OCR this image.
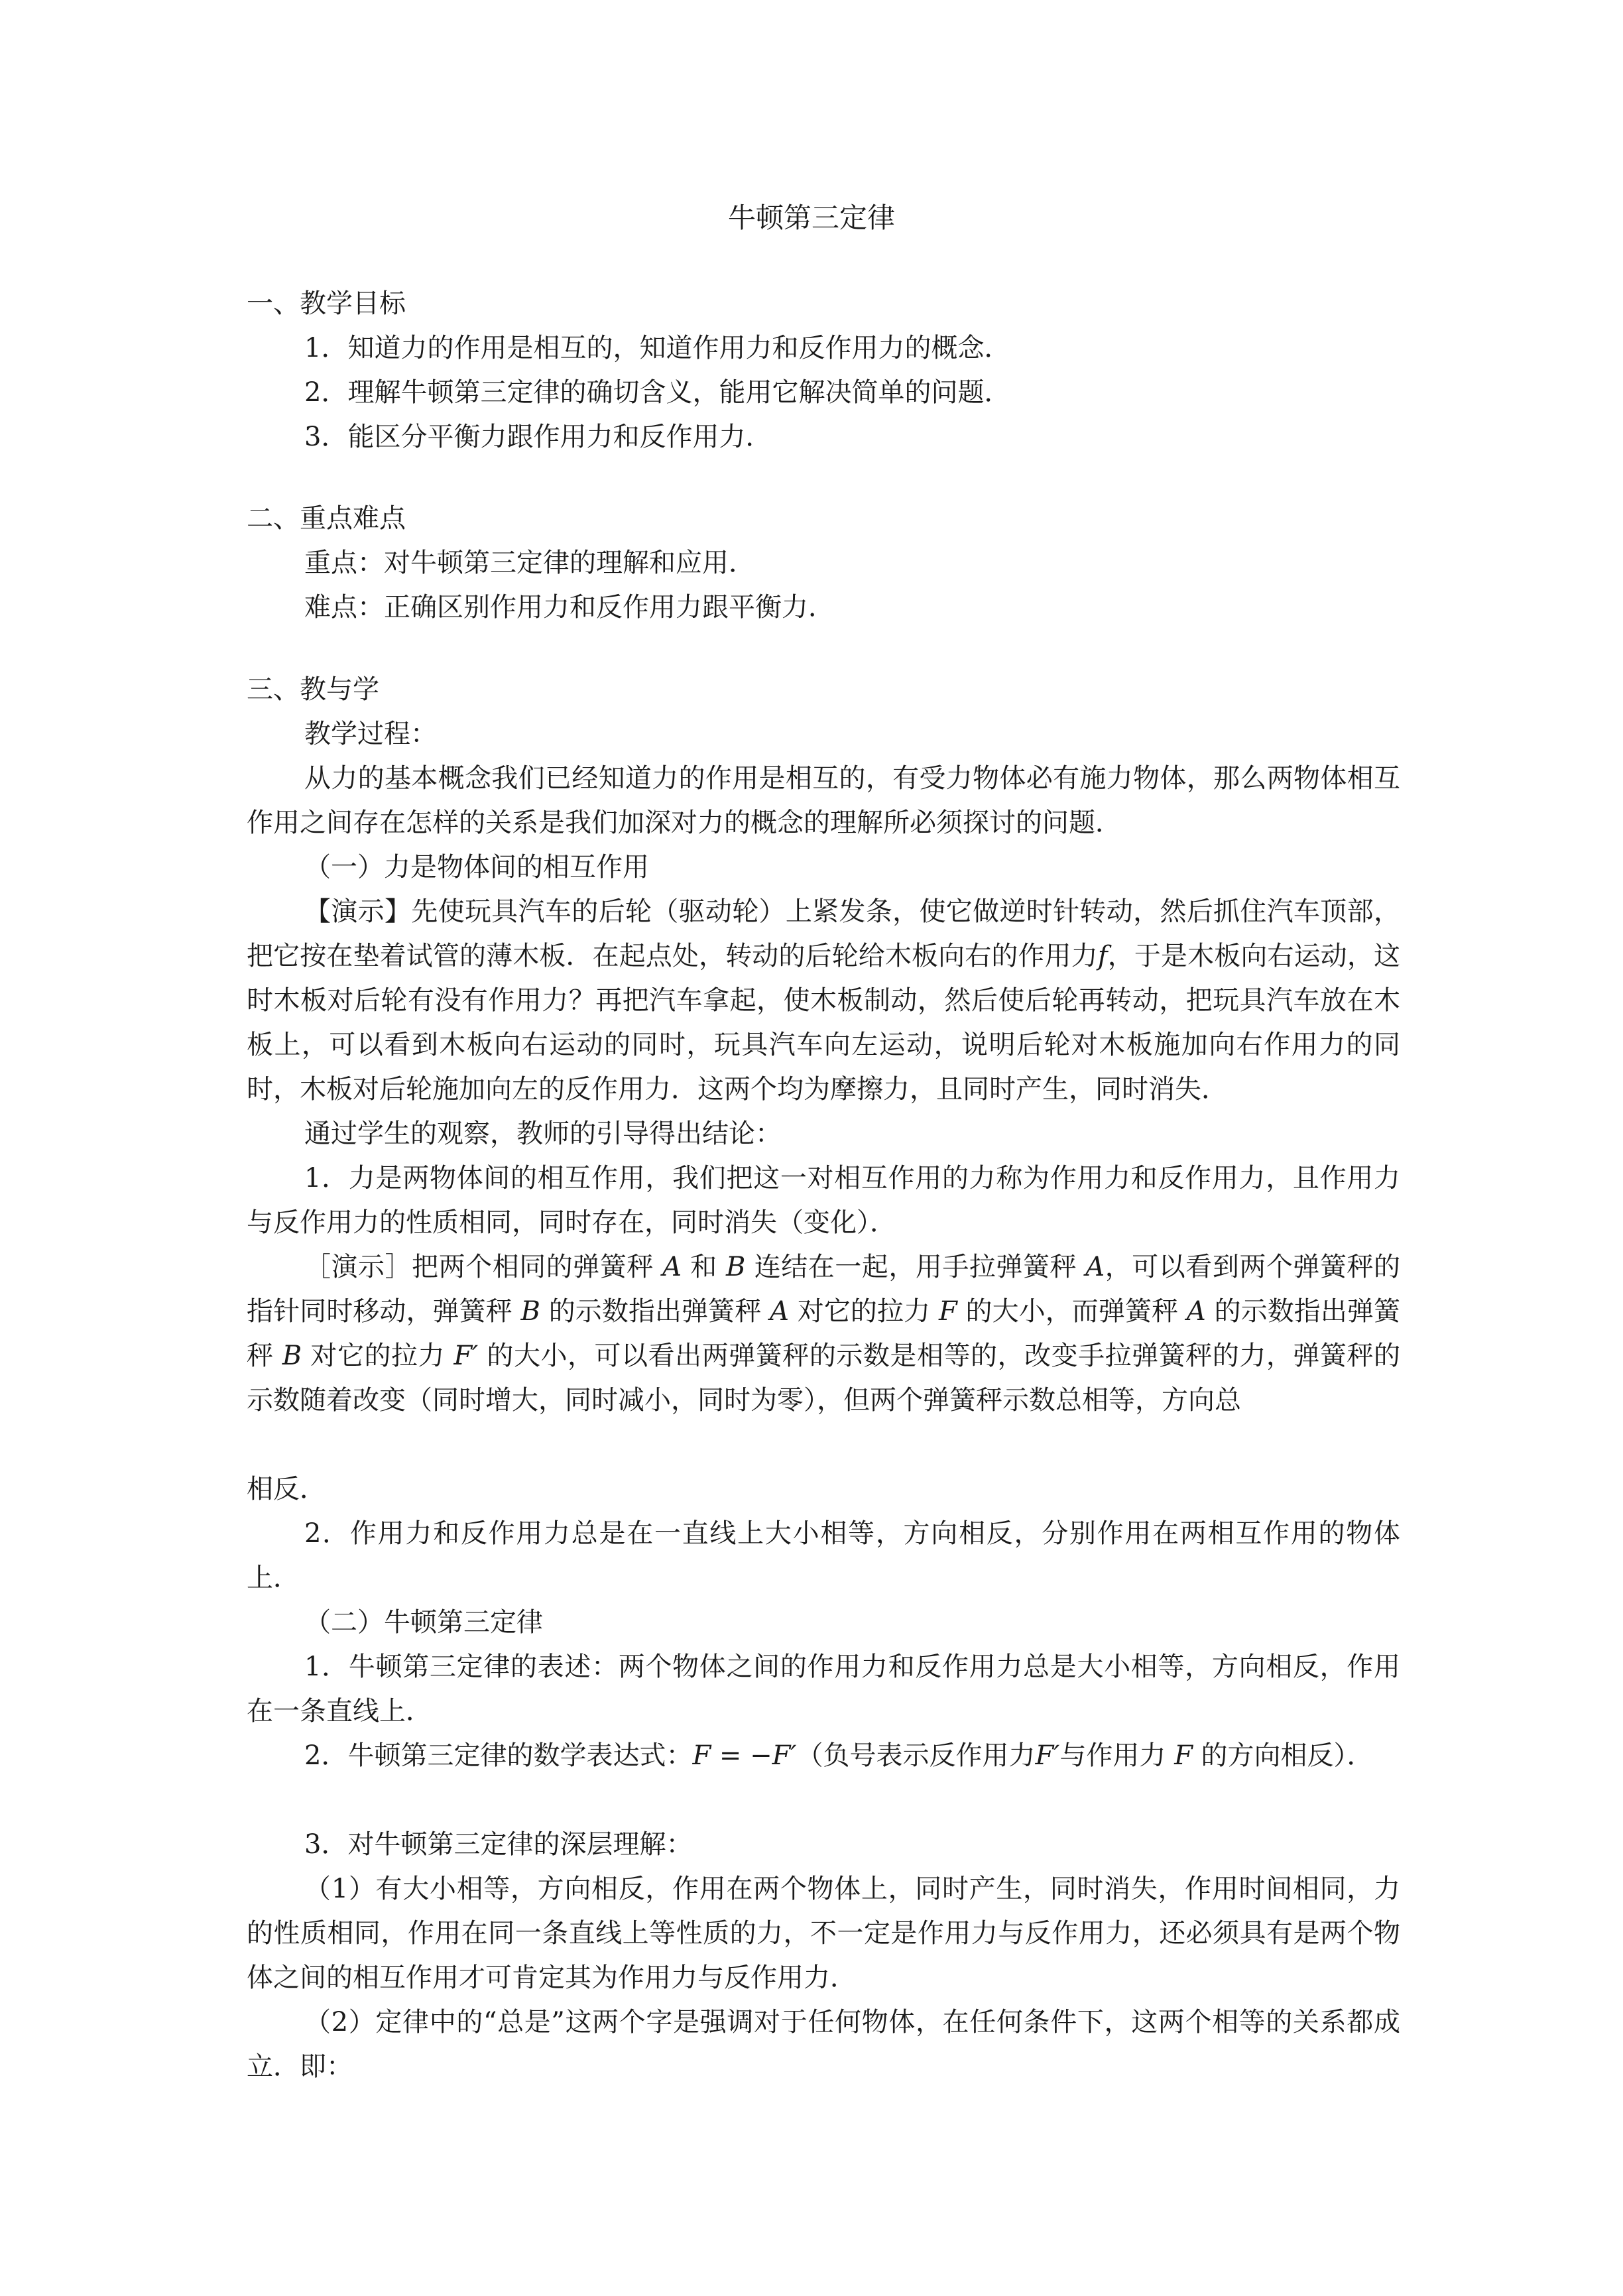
牛顿第三定律
一、教学目标

1．知道力的作用是相互的，知道作用力和反作用力的概念．

2．理解牛顿第三定律的确切含义，能用它解决简单的问题．

3．能区分平衡力跟作用力和反作用力．

二、重点难点

重点：对牛顿第三定律的理解和应用．

难点：正确区别作用力和反作用力跟平衡力．

三、教与学

教学过程：

从力的基本概念我们已经知道力的作用是相互的，有受力物体必有施力物体，那么两物体相互作用之间存在怎样的关系是我们加深对力的概念的理解所必须探讨的问题．

（一）力是物体间的相互作用

【演示】先使玩具汽车的后轮（驱动轮）上紧发条，使它做逆时针转动，然后抓住汽车顶部，把它按在垫着试管的薄木板．在起点处，转动的后轮给木板向右的作用力f，于是木板向右运动，这时木板对后轮有没有作用力？再把汽车拿起，使木板制动，然后使后轮再转动，把玩具汽车放在木板上，可以看到木板向右运动的同时，玩具汽车向左运动，说明后轮对木板施加向右作用力的同时，木板对后轮施加向左的反作用力．这两个均为摩擦力，且同时产生，同时消失．

通过学生的观察，教师的引导得出结论：

1．力是两物体间的相互作用，我们把这一对相互作用的力称为作用力和反作用力，且作用力与反作用力的性质相同，同时存在，同时消失（变化）．

［演示］把两个相同的弹簧秤 A 和 B 连结在一起，用手拉弹簧秤 A，可以看到两个弹簧秤的指针同时移动，弹簧秤 B 的示数指出弹簧秤 A 对它的拉力 F 的大小，而弹簧秤 A 的示数指出弹簧秤 B 对它的拉力 F′ 的大小，可以看出两弹簧秤的示数是相等的，改变手拉弹簧秤的力，弹簧秤的示数随着改变（同时增大，同时减小，同时为零），但两个弹簧秤示数总相等，方向总

相反．

2．作用力和反作用力总是在一直线上大小相等，方向相反，分别作用在两相互作用的物体上．

（二）牛顿第三定律

1．牛顿第三定律的表述：两个物体之间的作用力和反作用力总是大小相等，方向相反，作用在一条直线上．

2．牛顿第三定律的数学表达式：F = −F′（负号表示反作用力F′与作用力 F 的方向相反）．

3．对牛顿第三定律的深层理解：

（1）有大小相等，方向相反，作用在两个物体上，同时产生，同时消失，作用时间相同，力的性质相同，作用在同一条直线上等性质的力，不一定是作用力与反作用力，还必须具有是两个物体之间的相互作用才可肯定其为作用力与反作用力．

（2）定律中的“总是”这两个字是强调对于任何物体，在任何条件下，这两个相等的关系都成立．即：
